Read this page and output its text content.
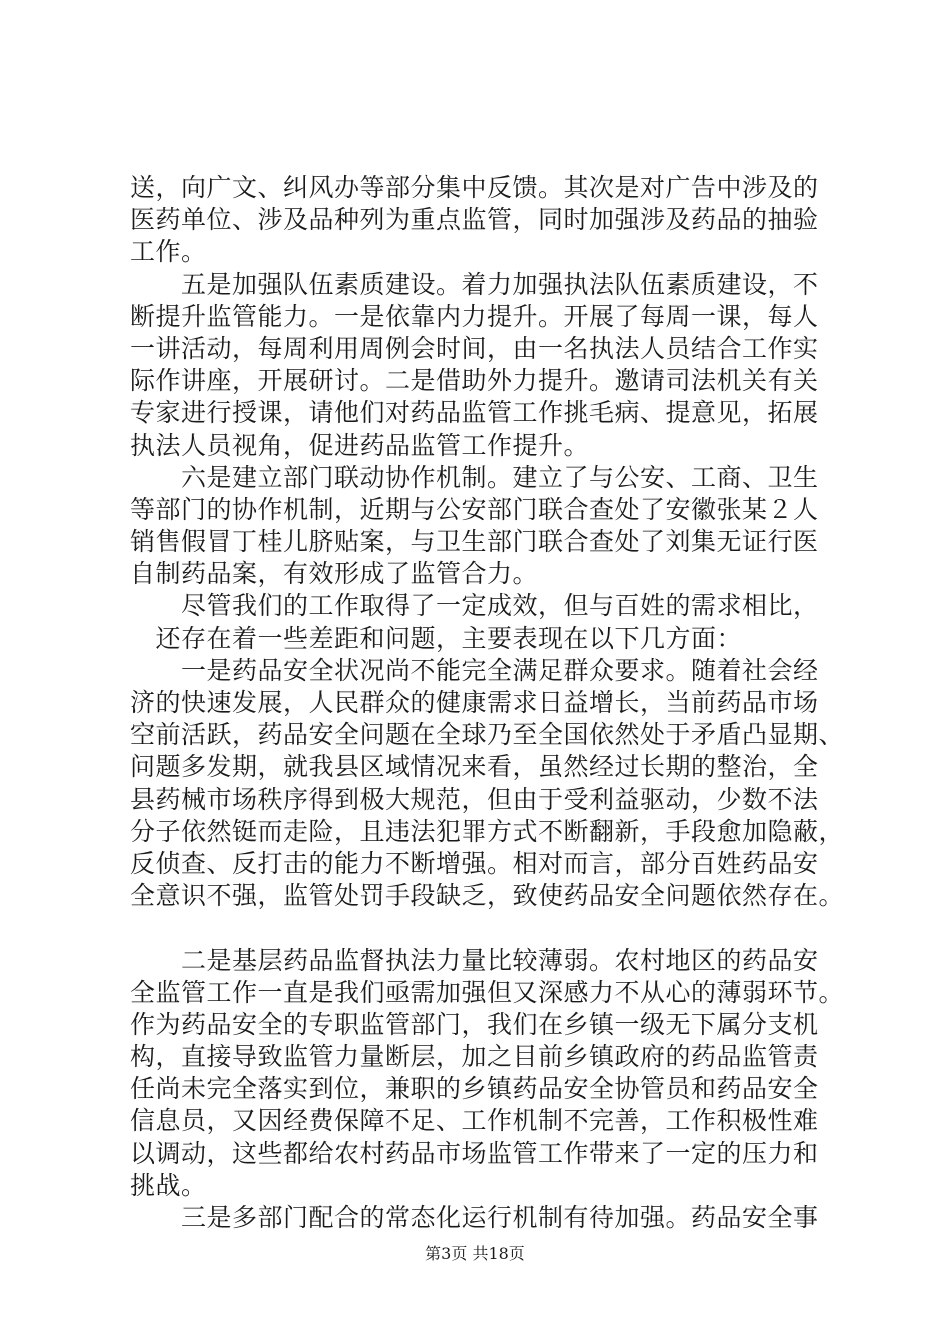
送，向广文、纠风办等部分集中反馈。其次是对广告中涉及的
医药单位、涉及品种列为重点监管，同时加强涉及药品的抽验
工作。
　　五是加强队伍素质建设。着力加强执法队伍素质建设，不
断提升监管能力。一是依靠内力提升。开展了每周一课，每人
一讲活动，每周利用周例会时间，由一名执法人员结合工作实
际作讲座，开展研讨。二是借助外力提升。邀请司法机关有关
专家进行授课，请他们对药品监管工作挑毛病、提意见，拓展
执法人员视角，促进药品监管工作提升。
　　六是建立部门联动协作机制。建立了与公安、工商、卫生
等部门的协作机制，近期与公安部门联合查处了安徽张某２人
销售假冒丁桂儿脐贴案，与卫生部门联合查处了刘集无证行医
自制药品案，有效形成了监管合力。
　　尽管我们的工作取得了一定成效，但与百姓的需求相比，
　还存在着一些差距和问题，主要表现在以下几方面：
　　一是药品安全状况尚不能完全满足群众要求。随着社会经
济的快速发展，人民群众的健康需求日益增长，当前药品市场
空前活跃，药品安全问题在全球乃至全国依然处于矛盾凸显期、
问题多发期，就我县区域情况来看，虽然经过长期的整治，全
县药械市场秩序得到极大规范，但由于受利益驱动，少数不法
分子依然铤而走险，且违法犯罪方式不断翻新，手段愈加隐蔽，
反侦查、反打击的能力不断增强。相对而言，部分百姓药品安
全意识不强，监管处罚手段缺乏，致使药品安全问题依然存在。
　　二是基层药品监督执法力量比较薄弱。农村地区的药品安
全监管工作一直是我们亟需加强但又深感力不从心的薄弱环节。
作为药品安全的专职监管部门，我们在乡镇一级无下属分支机
构，直接导致监管力量断层，加之目前乡镇政府的药品监管责
任尚未完全落实到位，兼职的乡镇药品安全协管员和药品安全
信息员，又因经费保障不足、工作机制不完善，工作积极性难
以调动，这些都给农村药品市场监管工作带来了一定的压力和
挑战。
　　三是多部门配合的常态化运行机制有待加强。药品安全事
第3页 共18页
